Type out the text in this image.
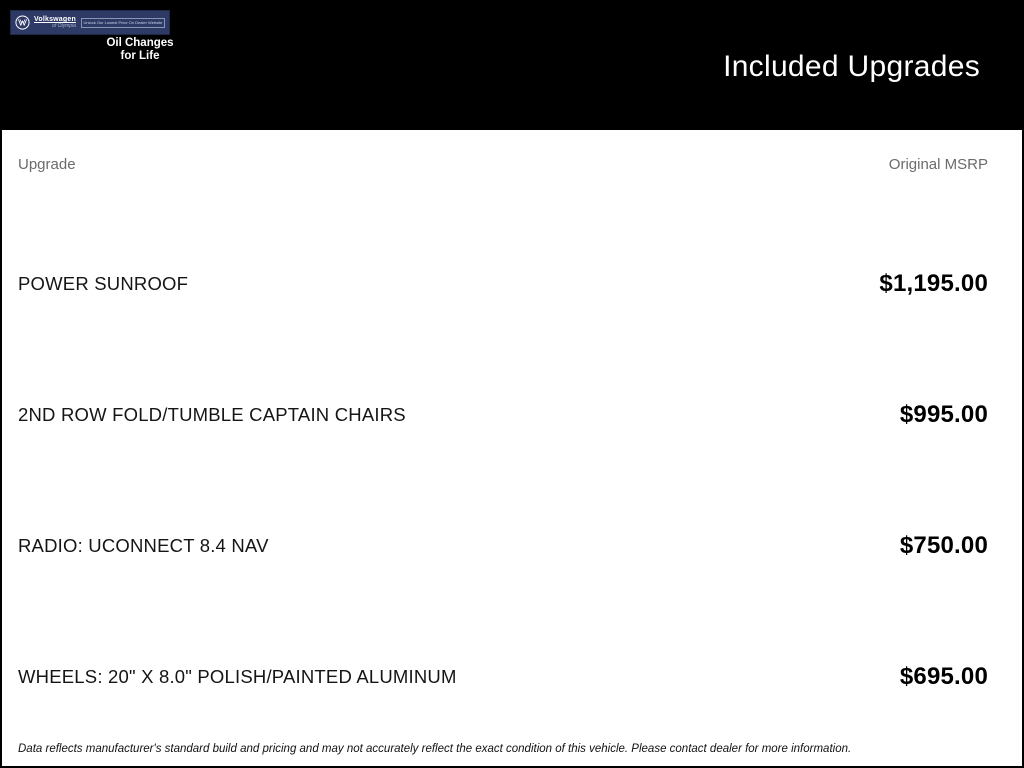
Volkswagen
of Olympia
Unlock Our Lowest Price On Dealer Website
Oil Changes
for Life	Included Upgrades
Upgrade	Original MSRP
POWER SUNROOF	$1,195.00
2ND ROW FOLD/TUMBLE CAPTAIN CHAIRS	$995.00
RADIO: UCONNECT 8.4 NAV	$750.00
WHEELS: 20" X 8.0" POLISH/PAINTED ALUMINUM	$695.00
Data reflects manufacturer's standard build and pricing and may not accurately reflect the exact condition of this vehicle. Please contact dealer for more information.
